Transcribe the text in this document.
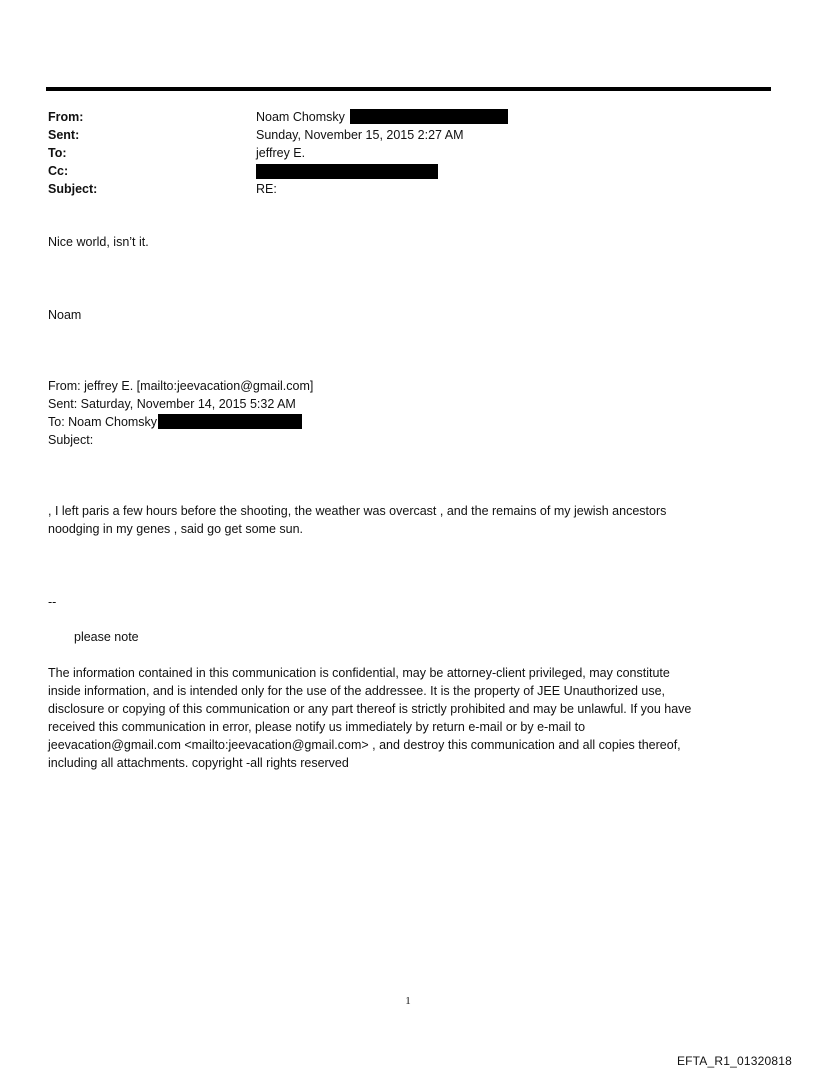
From:	Noam Chomsky
Sent:	Sunday, November 15, 2015 2:27 AM
To:	jeffrey E.
Cc:
Subject:	RE:
Nice world, isn’t it.
Noam
From: jeffrey E. [mailto:jeevacation@gmail.com]
Sent: Saturday, November 14, 2015 5:32 AM
To: Noam Chomsky
Subject:
, I left paris a few hours before the shooting, the weather was overcast , and the remains of my jewish ancestors
noodging in my genes , said go get some sun.
--
please note
The information contained in this communication is confidential, may be attorney-client privileged, may constitute
inside information, and is intended only for the use of the addressee. It is the property of JEE Unauthorized use,
disclosure or copying of this communication or any part thereof is strictly prohibited and may be unlawful. If you have
received this communication in error, please notify us immediately by return e-mail or by e-mail to
jeevacation@gmail.com <mailto:jeevacation@gmail.com> , and destroy this communication and all copies thereof,
including all attachments. copyright -all rights reserved
1
EFTA_R1_01320818
